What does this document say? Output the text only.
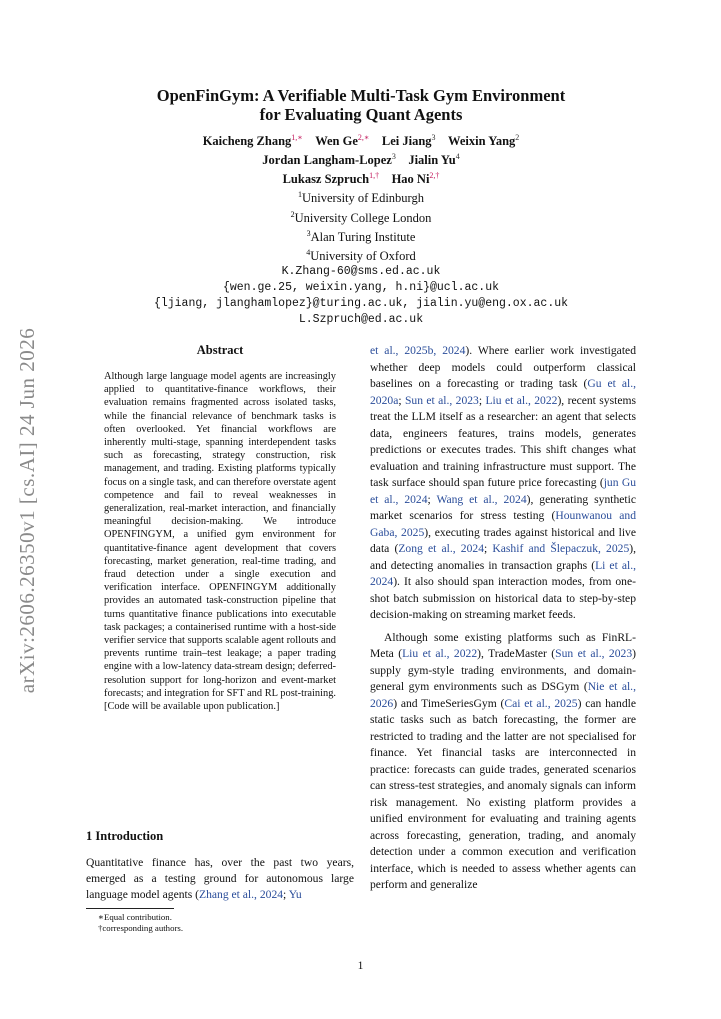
arXiv:2606.26350v1 [cs.AI] 24 Jun 2026
OpenFinGym: A Verifiable Multi-Task Gym Environment
for Evaluating Quant Agents
Kaicheng Zhang$^{1,∗}$ Wen $Ge^{2,∗}$ Lei Jiang$^3$ Weixin Yang$^2$
Jordan Langham-Lopez$^3$ Jialin Yu$^4$
Lukasz Szpruch$^{1,\dagger}$ Hao $Ni^{2,\dagger}$
$^1$University of Edinburgh
$^2$University College London
$^3$Alan Turing Institute
$^4$University of Oxford
K.Zhang-60@sms.ed.ac.uk
{wen.ge.25, weixin.yang, h.ni}@ucl.ac.uk
{ljiang, jlanghamlopez}@turing.ac.uk, jialin.yu@eng.ox.ac.uk
L.Szpruch@ed.ac.uk
Abstract

Although large language model agents are increasingly applied to quantitative-finance workflows, their evaluation remains fragmented across isolated tasks, while the financial relevance of benchmark tasks is often overlooked. Yet financial workflows are inherently multi-stage, spanning interdependent tasks such as forecasting, strategy construction, risk management, and trading. Existing platforms typically focus on a single task, and can therefore overstate agent competence and fail to reveal weaknesses in generalization, real-market interaction, and financially meaningful decision-making. We introduce OPENFINGYM, a unified gym environment for quantitative-finance agent development that covers forecasting, market generation, real-time trading, and fraud detection under a single execution and verification interface. OPENFINGYM additionally provides an automated task-construction pipeline that turns quantitative finance publications into executable task packages; a containerised runtime with a host-side verifier service that supports scalable agent rollouts and prevents runtime train–test leakage; a paper trading engine with a low-latency data-stream design; deferred-resolution support for long-horizon and event-market forecasts; and integration for SFT and RL post-training. [Code will be available upon publication.]

1 Introduction

Quantitative finance has, over the past two years, emerged as a testing ground for autonomous large language model agents (Zhang et al., 2024; Yu

∗Equal contribution.

†corresponding authors.

et al., 2025b, 2024). Where earlier work investigated whether deep models could outperform classical baselines on a forecasting or trading task (Gu et al., 2020a; Sun et al., 2023; Liu et al., 2022), recent systems treat the LLM itself as a researcher: an agent that selects data, engineers features, trains models, generates predictions or executes trades. This shift changes what evaluation and training infrastructure must support. The task surface should span future price forecasting (jun Gu et al., 2024; Wang et al., 2024), generating synthetic market scenarios for stress testing (Hounwanou and Gaba, 2025), executing trades against historical and live data (Zong et al., 2024; Kashif and Šlepaczuk, 2025), and detecting anomalies in transaction graphs (Li et al., 2024). It also should span interaction modes, from one-shot batch submission on historical data to step-by-step decision-making on streaming market feeds.

Although some existing platforms such as FinRL-Meta (Liu et al., 2022), TradeMaster (Sun et al., 2023) supply gym-style trading environments, and domain-general gym environments such as DSGym (Nie et al., 2026) and TimeSeriesGym (Cai et al., 2025) can handle static tasks such as batch forecasting, the former are restricted to trading and the latter are not specialised for finance. Yet financial tasks are interconnected in practice: forecasts can guide trades, generated scenarios can stress-test strategies, and anomaly signals can inform risk management. No existing platform provides a unified environment for evaluating and training agents across forecasting, generation, trading, and anomaly detection under a common execution and verification interface, which is needed to assess whether agents can perform and generalize

1
